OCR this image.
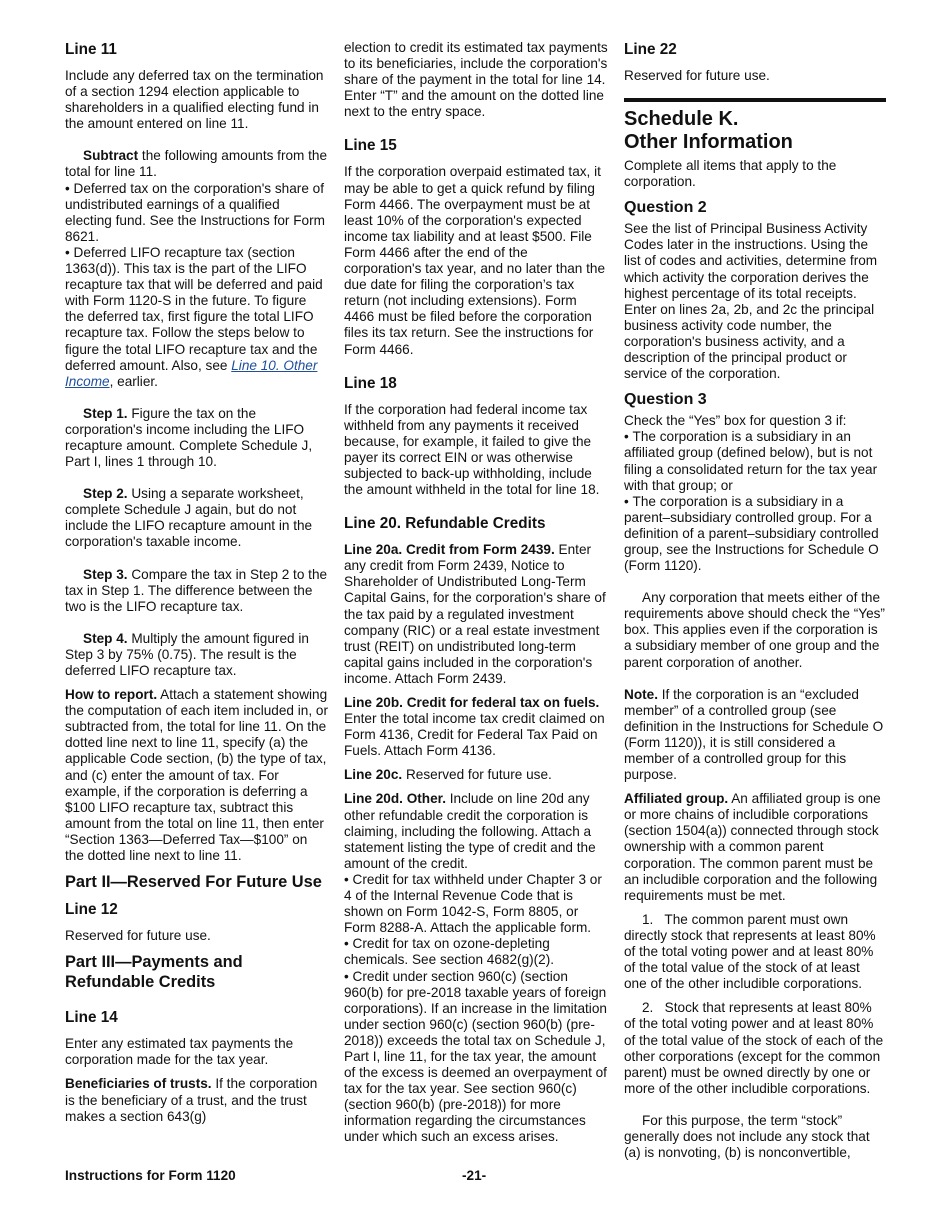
Line 11

Include any deferred tax on the termination of a section 1294 election applicable to shareholders in a qualified electing fund in the amount entered on line 11.

Subtract the following amounts from the total for line 11.

• Deferred tax on the corporation's share of undistributed earnings of a qualified electing fund. See the Instructions for Form 8621.

• Deferred LIFO recapture tax (section 1363(d)). This tax is the part of the LIFO recapture tax that will be deferred and paid with Form 1120-S in the future. To figure the deferred tax, first figure the total LIFO recapture tax. Follow the steps below to figure the total LIFO recapture tax and the deferred amount. Also, see Line 10. Other Income, earlier.

Step 1. Figure the tax on the corporation's income including the LIFO recapture amount. Complete Schedule J, Part I, lines 1 through 10.

Step 2. Using a separate worksheet, complete Schedule J again, but do not include the LIFO recapture amount in the corporation's taxable income.

Step 3. Compare the tax in Step 2 to the tax in Step 1. The difference between the two is the LIFO recapture tax.

Step 4. Multiply the amount figured in Step 3 by 75% (0.75). The result is the deferred LIFO recapture tax.

How to report. Attach a statement showing the computation of each item included in, or subtracted from, the total for line 11. On the dotted line next to line 11, specify (a) the applicable Code section, (b) the type of tax, and (c) enter the amount of tax. For example, if the corporation is deferring a $100 LIFO recapture tax, subtract this amount from the total on line 11, then enter “Section 1363—Deferred Tax—$100” on the dotted line next to line 11.

Part II—Reserved For Future Use
Line 12

Reserved for future use.

Part III—Payments and Refundable Credits
Line 14

Enter any estimated tax payments the corporation made for the tax year.

Beneficiaries of trusts. If the corporation is the beneficiary of a trust, and the trust makes a section 643(g)

election to credit its estimated tax payments to its beneficiaries, include the corporation's share of the payment in the total for line 14. Enter “T” and the amount on the dotted line next to the entry space.

Line 15

If the corporation overpaid estimated tax, it may be able to get a quick refund by filing Form 4466. The overpayment must be at least 10% of the corporation's expected income tax liability and at least $500. File Form 4466 after the end of the corporation's tax year, and no later than the due date for filing the corporation’s tax return (not including extensions). Form 4466 must be filed before the corporation files its tax return. See the instructions for Form 4466.

Line 18

If the corporation had federal income tax withheld from any payments it received because, for example, it failed to give the payer its correct EIN or was otherwise subjected to back-up withholding, include the amount withheld in the total for line 18.

Line 20. Refundable Credits

Line 20a. Credit from Form 2439. Enter any credit from Form 2439, Notice to Shareholder of Undistributed Long-Term Capital Gains, for the corporation's share of the tax paid by a regulated investment company (RIC) or a real estate investment trust (REIT) on undistributed long-term capital gains included in the corporation's income. Attach Form 2439.

Line 20b. Credit for federal tax on fuels. Enter the total income tax credit claimed on Form 4136, Credit for Federal Tax Paid on Fuels. Attach Form 4136.

Line 20c. Reserved for future use.

Line 20d. Other. Include on line 20d any other refundable credit the corporation is claiming, including the following. Attach a statement listing the type of credit and the amount of the credit.

• Credit for tax withheld under Chapter 3 or 4 of the Internal Revenue Code that is shown on Form 1042-S, Form 8805, or Form 8288-A. Attach the applicable form.

• Credit for tax on ozone-depleting chemicals. See section 4682(g)(2).

• Credit under section 960(c) (section 960(b) for pre-2018 taxable years of foreign corporations). If an increase in the limitation under section 960(c) (section 960(b) (pre-2018)) exceeds the total tax on Schedule J, Part I, line 11, for the tax year, the amount of the excess is deemed an overpayment of tax for the tax year. See section 960(c) (section 960(b) (pre-2018)) for more information regarding the circumstances under which such an excess arises.

Line 22

Reserved for future use.

Schedule K.
Other Information

Complete all items that apply to the corporation.

Question 2

See the list of Principal Business Activity Codes later in the instructions. Using the list of codes and activities, determine from which activity the corporation derives the highest percentage of its total receipts. Enter on lines 2a, 2b, and 2c the principal business activity code number, the corporation's business activity, and a description of the principal product or service of the corporation.

Question 3

Check the “Yes” box for question 3 if:

• The corporation is a subsidiary in an affiliated group (defined below), but is not filing a consolidated return for the tax year with that group; or

• The corporation is a subsidiary in a parent–subsidiary controlled group. For a definition of a parent–subsidiary controlled group, see the Instructions for Schedule O (Form 1120).

Any corporation that meets either of the requirements above should check the “Yes” box. This applies even if the corporation is a subsidiary member of one group and the parent corporation of another.

Note. If the corporation is an “excluded member” of a controlled group (see definition in the Instructions for Schedule O (Form 1120)), it is still considered a member of a controlled group for this purpose.

Affiliated group. An affiliated group is one or more chains of includible corporations (section 1504(a)) connected through stock ownership with a common parent corporation. The common parent must be an includible corporation and the following requirements must be met.

1.   The common parent must own directly stock that represents at least 80% of the total voting power and at least 80% of the total value of the stock of at least one of the other includible corporations.

2.   Stock that represents at least 80% of the total voting power and at least 80% of the total value of the stock of each of the other corporations (except for the common parent) must be owned directly by one or more of the other includible corporations.

For this purpose, the term “stock” generally does not include any stock that (a) is nonvoting, (b) is nonconvertible,

Instructions for Form 1120	-21-
